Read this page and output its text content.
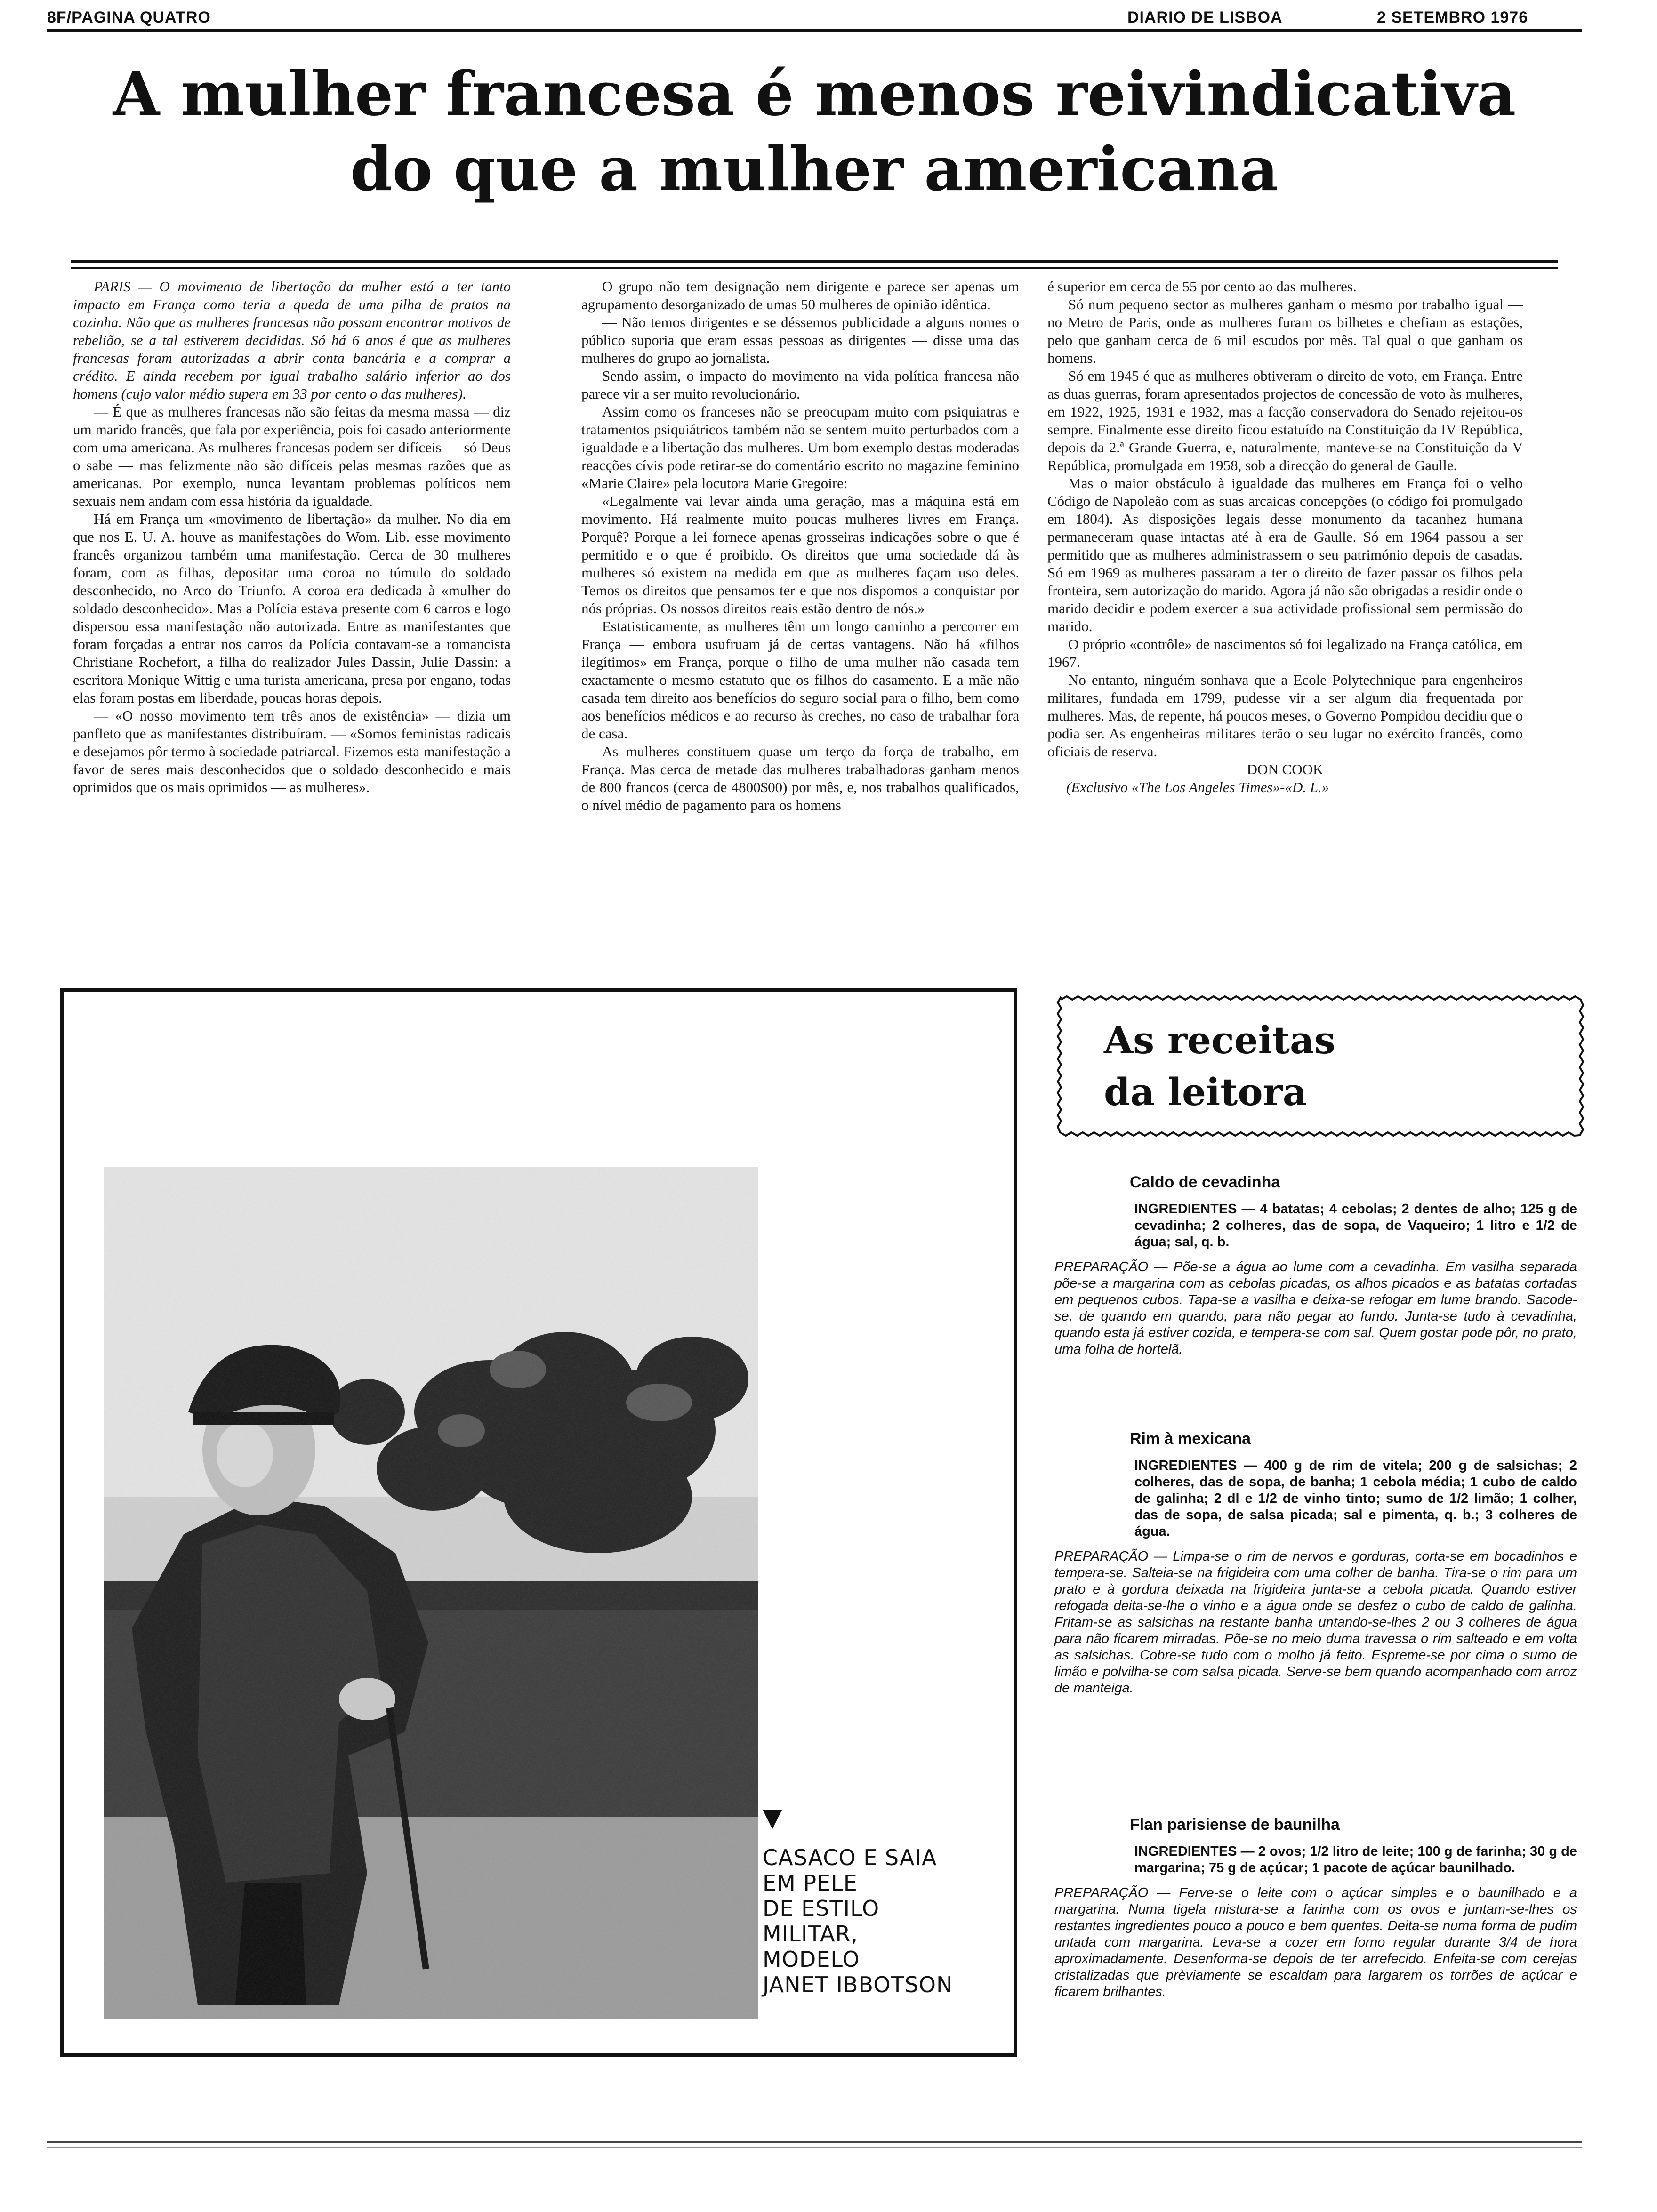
8F/PAGINA QUATRO	DIARIO DE LISBOA	2 SETEMBRO 1976
A mulher francesa é menos reivindicativa
do que a mulher americana

PARIS — O movimento de libertação da mulher está a ter tanto impacto em França como teria a queda de uma pilha de pratos na cozinha. Não que as mulheres francesas não possam encontrar motivos de rebelião, se a tal estiverem decididas. Só há 6 anos é que as mulheres francesas foram autorizadas a abrir conta bancária e a comprar a crédito. E ainda recebem por igual trabalho salário inferior ao dos homens (cujo valor médio supera em 33 por cento o das mulheres).

— É que as mulheres francesas não são feitas da mesma massa — diz um marido francês, que fala por experiência, pois foi casado anteriormente com uma americana. As mulheres francesas podem ser difíceis — só Deus o sabe — mas felizmente não são difíceis pelas mesmas razões que as americanas. Por exemplo, nunca levantam problemas políticos nem sexuais nem andam com essa história da igualdade.

Há em França um «movimento de libertação» da mulher. No dia em que nos E. U. A. houve as manifestações do Wom. Lib. esse movimento francês organizou também uma manifestação. Cerca de 30 mulheres foram, com as filhas, depositar uma coroa no túmulo do soldado desconhecido, no Arco do Triunfo. A coroa era dedicada à «mulher do soldado desconhecido». Mas a Polícia estava presente com 6 carros e logo dispersou essa manifestação não autorizada. Entre as manifestantes que foram forçadas a entrar nos carros da Polícia contavam-se a romancista Christiane Rochefort, a filha do realizador Jules Dassin, Julie Dassin: a escritora Monique Wittig e uma turista americana, presa por engano, todas elas foram postas em liberdade, poucas horas depois.

— «O nosso movimento tem três anos de existência» — dizia um panfleto que as manifestantes distribuíram. — «Somos feministas radicais e desejamos pôr termo à sociedade patriarcal. Fizemos esta manifestação a favor de seres mais desconhecidos que o soldado desconhecido e mais oprimidos que os mais oprimidos — as mulheres».

O grupo não tem designação nem dirigente e parece ser apenas um agrupamento desorganizado de umas 50 mulheres de opinião idêntica.

— Não temos dirigentes e se déssemos publicidade a alguns nomes o público suporia que eram essas pessoas as dirigentes — disse uma das mulheres do grupo ao jornalista.

Sendo assim, o impacto do movimento na vida política francesa não parece vir a ser muito revolucionário.

Assim como os franceses não se preocupam muito com psiquiatras e tratamentos psiquiátricos também não se sentem muito perturbados com a igualdade e a libertação das mulheres. Um bom exemplo destas moderadas reacções cívis pode retirar-se do comentário escrito no magazine feminino «Marie Claire» pela locutora Marie Gregoire:

«Legalmente vai levar ainda uma geração, mas a máquina está em movimento. Há realmente muito poucas mulheres livres em França. Porquê? Porque a lei fornece apenas grosseiras indicações sobre o que é permitido e o que é proibido. Os direitos que uma sociedade dá às mulheres só existem na medida em que as mulheres façam uso deles. Temos os direitos que pensamos ter e que nos dispomos a conquistar por nós próprias. Os nossos direitos reais estão dentro de nós.»

Estatisticamente, as mulheres têm um longo caminho a percorrer em França — embora usufruam já de certas vantagens. Não há «filhos ilegítimos» em França, porque o filho de uma mulher não casada tem exactamente o mesmo estatuto que os filhos do casamento. E a mãe não casada tem direito aos benefícios do seguro social para o filho, bem como aos benefícios médicos e ao recurso às creches, no caso de trabalhar fora de casa.

As mulheres constituem quase um terço da força de trabalho, em França. Mas cerca de metade das mulheres trabalhadoras ganham menos de 800 francos (cerca de 4800$00) por mês, e, nos trabalhos qualificados, o nível médio de pagamento para os homens

é superior em cerca de 55 por cento ao das mulheres.

Só num pequeno sector as mulheres ganham o mesmo por trabalho igual — no Metro de Paris, onde as mulheres furam os bilhetes e chefiam as estações, pelo que ganham cerca de 6 mil escudos por mês. Tal qual o que ganham os homens.

Só em 1945 é que as mulheres obtiveram o direito de voto, em França. Entre as duas guerras, foram apresentados projectos de concessão de voto às mulheres, em 1922, 1925, 1931 e 1932, mas a facção conservadora do Senado rejeitou-os sempre. Finalmente esse direito ficou estatuído na Constituição da IV República, depois da 2.ª Grande Guerra, e, naturalmente, manteve-se na Constituição da V República, promulgada em 1958, sob a direcção do general de Gaulle.

Mas o maior obstáculo à igualdade das mulheres em França foi o velho Código de Napoleão com as suas arcaicas concepções (o código foi promulgado em 1804). As disposições legais desse monumento da tacanhez humana permaneceram quase intactas até à era de Gaulle. Só em 1964 passou a ser permitido que as mulheres administrassem o seu património depois de casadas. Só em 1969 as mulheres passaram a ter o direito de fazer passar os filhos pela fronteira, sem autorização do marido. Agora já não são obrigadas a residir onde o marido decidir e podem exercer a sua actividade profissional sem permissão do marido.

O próprio «contrôle» de nascimentos só foi legalizado na França católica, em 1967.

No entanto, ninguém sonhava que a Ecole Polytechnique para engenheiros militares, fundada em 1799, pudesse vir a ser algum dia frequentada por mulheres. Mas, de repente, há poucos meses, o Governo Pompidou decidiu que o podia ser. As engenheiras militares terão o seu lugar no exército francês, como oficiais de reserva.

DON COOK

(Exclusivo «The Los Angeles Times»-«D. L.»

▼
CASACO E SAIA
EM PELE
DE ESTILO
MILITAR,
MODELO
JANET IBBOTSON
As receitas
da leitora
Caldo de cevadinha
INGREDIENTES — 4 batatas; 4 cebolas; 2 dentes de alho; 125 g de cevadinha; 2 colheres, das de sopa, de Vaqueiro; 1 litro e 1/2 de água; sal, q. b.
PREPARAÇÃO — Põe-se a água ao lume com a cevadinha. Em vasilha separada põe-se a margarina com as cebolas picadas, os alhos picados e as batatas cortadas em pequenos cubos. Tapa-se a vasilha e deixa-se refogar em lume brando. Sacode-se, de quando em quando, para não pegar ao fundo. Junta-se tudo à cevadinha, quando esta já estiver cozida, e tempera-se com sal. Quem gostar pode pôr, no prato, uma folha de hortelã.
Rim à mexicana
INGREDIENTES — 400 g de rim de vitela; 200 g de salsichas; 2 colheres, das de sopa, de banha; 1 cebola média; 1 cubo de caldo de galinha; 2 dl e 1/2 de vinho tinto; sumo de 1/2 limão; 1 colher, das de sopa, de salsa picada; sal e pimenta, q. b.; 3 colheres de água.
PREPARAÇÃO — Limpa-se o rim de nervos e gorduras, corta-se em bocadinhos e tempera-se. Salteia-se na frigideira com uma colher de banha. Tira-se o rim para um prato e à gordura deixada na frigideira junta-se a cebola picada. Quando estiver refogada deita-se-lhe o vinho e a água onde se desfez o cubo de caldo de galinha. Fritam-se as salsichas na restante banha untando-se-lhes 2 ou 3 colheres de água para não ficarem mirradas. Põe-se no meio duma travessa o rim salteado e em volta as salsichas. Cobre-se tudo com o molho já feito. Espreme-se por cima o sumo de limão e polvilha-se com salsa picada. Serve-se bem quando acompanhado com arroz de manteiga.
Flan parisiense de baunilha
INGREDIENTES — 2 ovos; 1/2 litro de leite; 100 g de farinha; 30 g de margarina; 75 g de açúcar; 1 pacote de açúcar baunilhado.
PREPARAÇÃO — Ferve-se o leite com o açúcar simples e o baunilhado e a margarina. Numa tigela mistura-se a farinha com os ovos e juntam-se-lhes os restantes ingredientes pouco a pouco e bem quentes. Deita-se numa forma de pudim untada com margarina. Leva-se a cozer em forno regular durante 3/4 de hora aproximadamente. Desenforma-se depois de ter arrefecido. Enfeita-se com cerejas cristalizadas que prèviamente se escaldam para largarem os torrões de açúcar e ficarem brilhantes.
